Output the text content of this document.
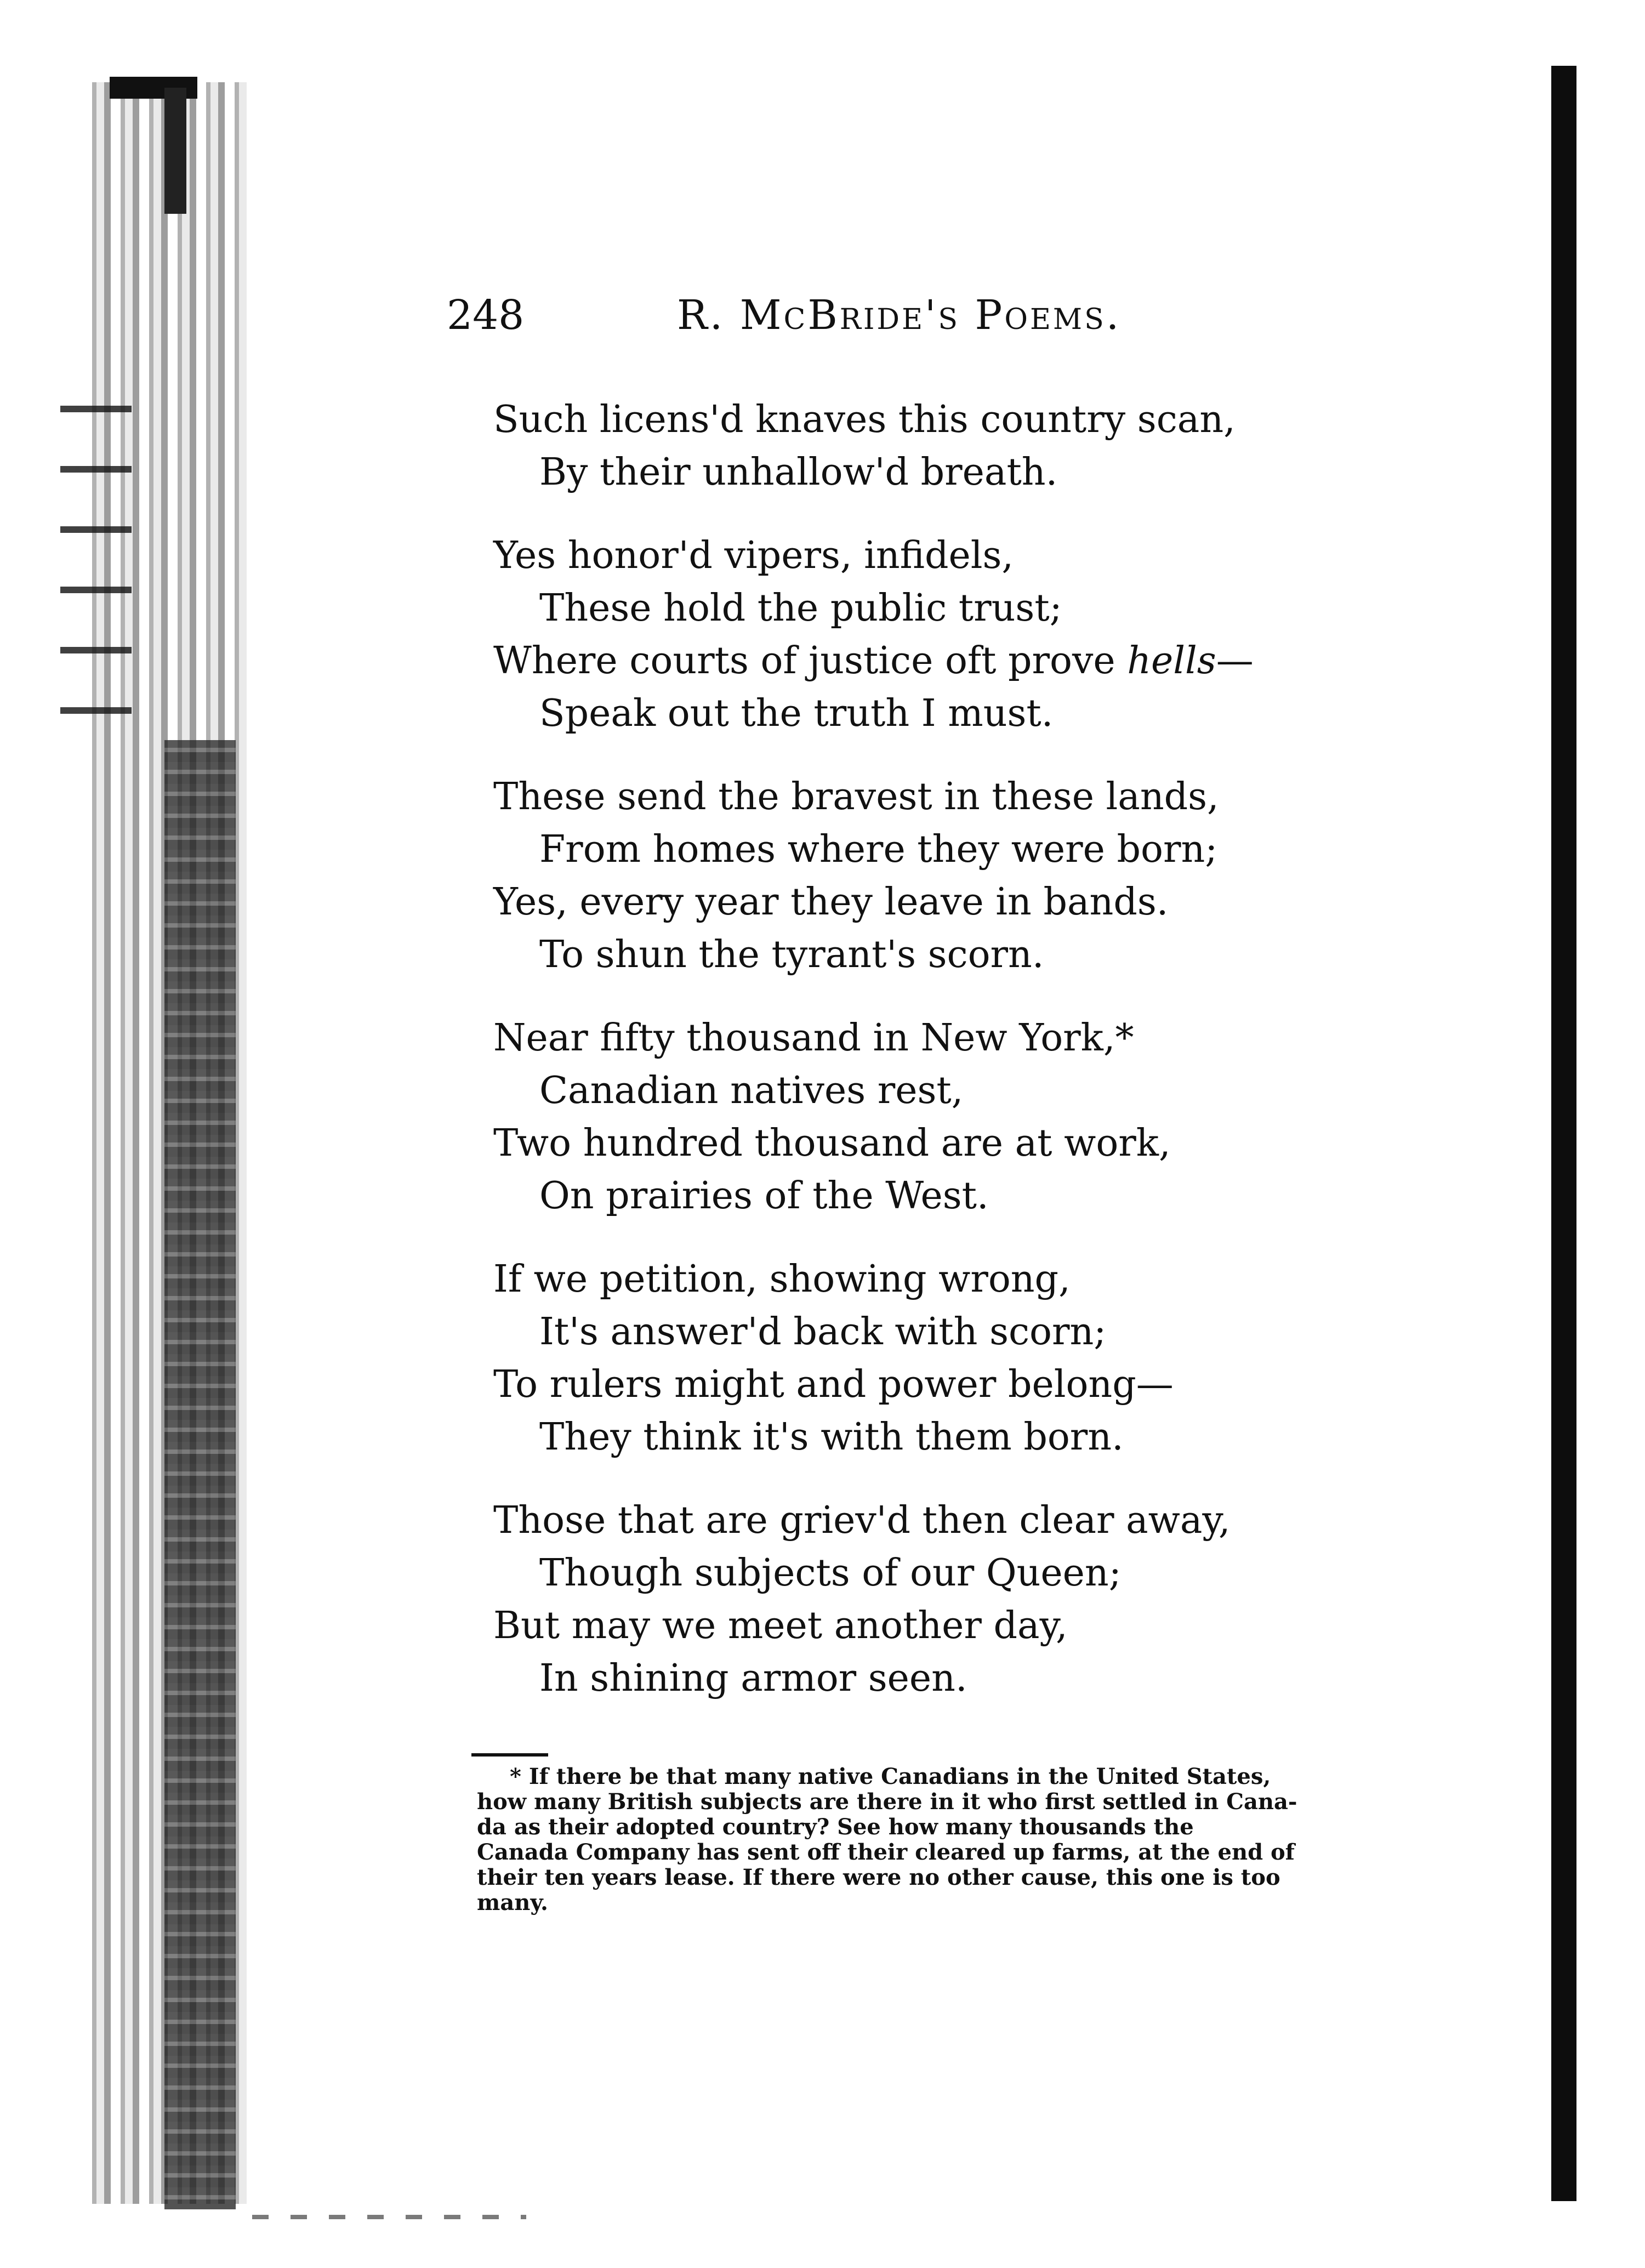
248	R. McBride's Poems.
Such licens'd knaves this country scan,
By their unhallow'd breath.
Yes honor'd vipers, infidels,
These hold the public trust;
Where courts of justice oft prove hells—
Speak out the truth I must.
These send the bravest in these lands,
From homes where they were born;
Yes, every year they leave in bands.
To shun the tyrant's scorn.
Near fifty thousand in New York,*
Canadian natives rest,
Two hundred thousand are at work,
On prairies of the West.
If we petition, showing wrong,
It's answer'd back with scorn;
To rulers might and power belong—
They think it's with them born.
Those that are griev'd then clear away,
Though subjects of our Queen;
But may we meet another day,
In shining armor seen.
* If there be that many native Canadians in the United States,
how many British subjects are there in it who first settled in Cana-
da as their adopted country? See how many thousands the
Canada Company has sent off their cleared up farms, at the end of
their ten years lease. If there were no other cause, this one is too
many.
